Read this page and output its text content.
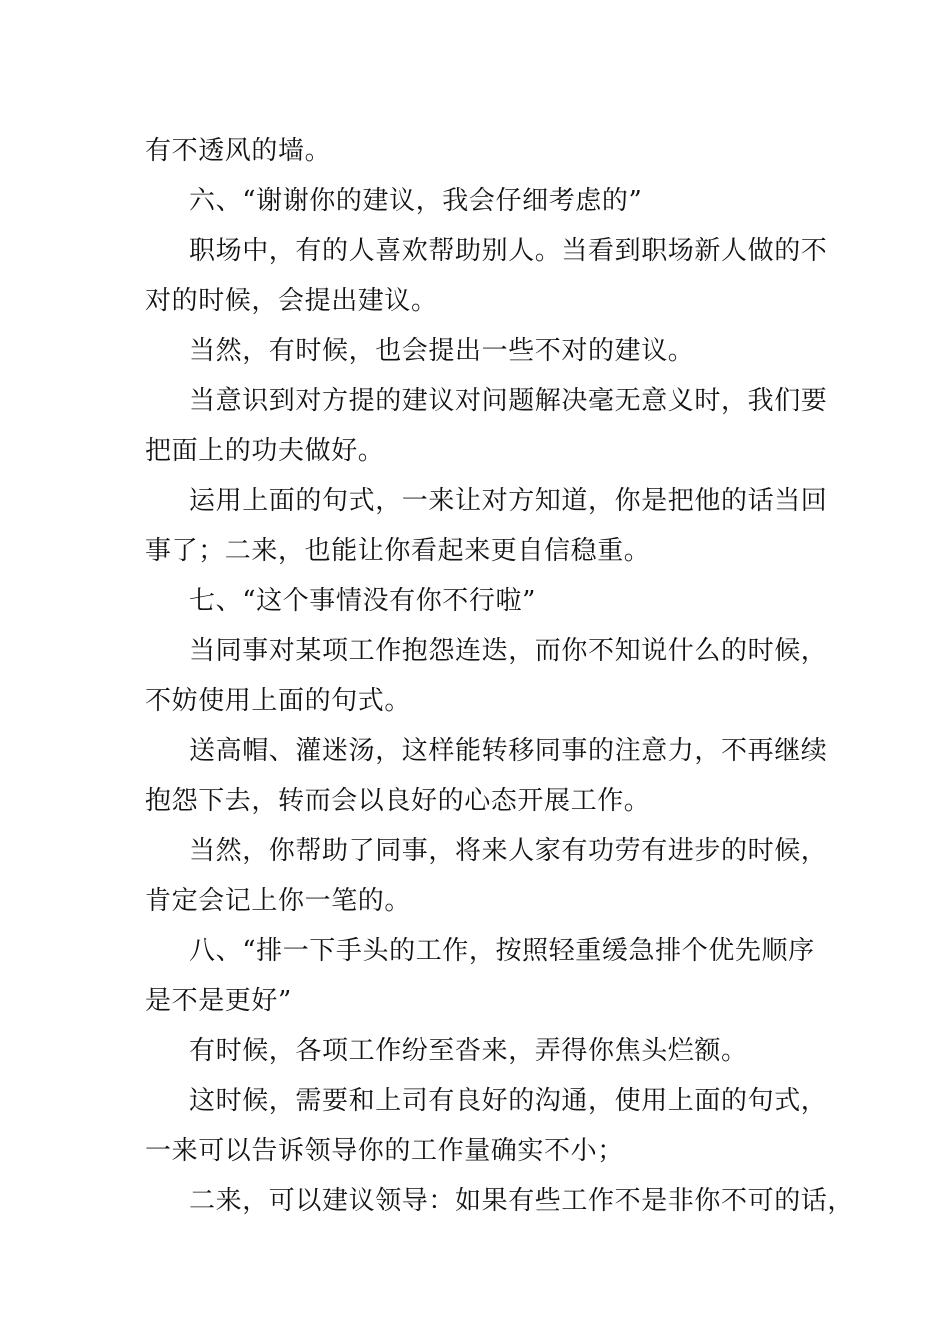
有不透风的墙。
六、“谢谢你的建议，我会仔细考虑的”
职场中，有的人喜欢帮助别人。当看到职场新人做的不
对的时候，会提出建议。
当然，有时候，也会提出一些不对的建议。
当意识到对方提的建议对问题解决毫无意义时，我们要
把面上的功夫做好。
运用上面的句式，一来让对方知道，你是把他的话当回
事了；二来，也能让你看起来更自信稳重。
七、“这个事情没有你不行啦”
当同事对某项工作抱怨连迭，而你不知说什么的时候，
不妨使用上面的句式。
送高帽、灌迷汤，这样能转移同事的注意力，不再继续
抱怨下去，转而会以良好的心态开展工作。
当然，你帮助了同事，将来人家有功劳有进步的时候，
肯定会记上你一笔的。
八、“排一下手头的工作，按照轻重缓急排个优先顺序
是不是更好”
有时候，各项工作纷至沓来，弄得你焦头烂额。
这时候，需要和上司有良好的沟通，使用上面的句式，
一来可以告诉领导你的工作量确实不小；
二来，可以建议领导：如果有些工作不是非你不可的话，
